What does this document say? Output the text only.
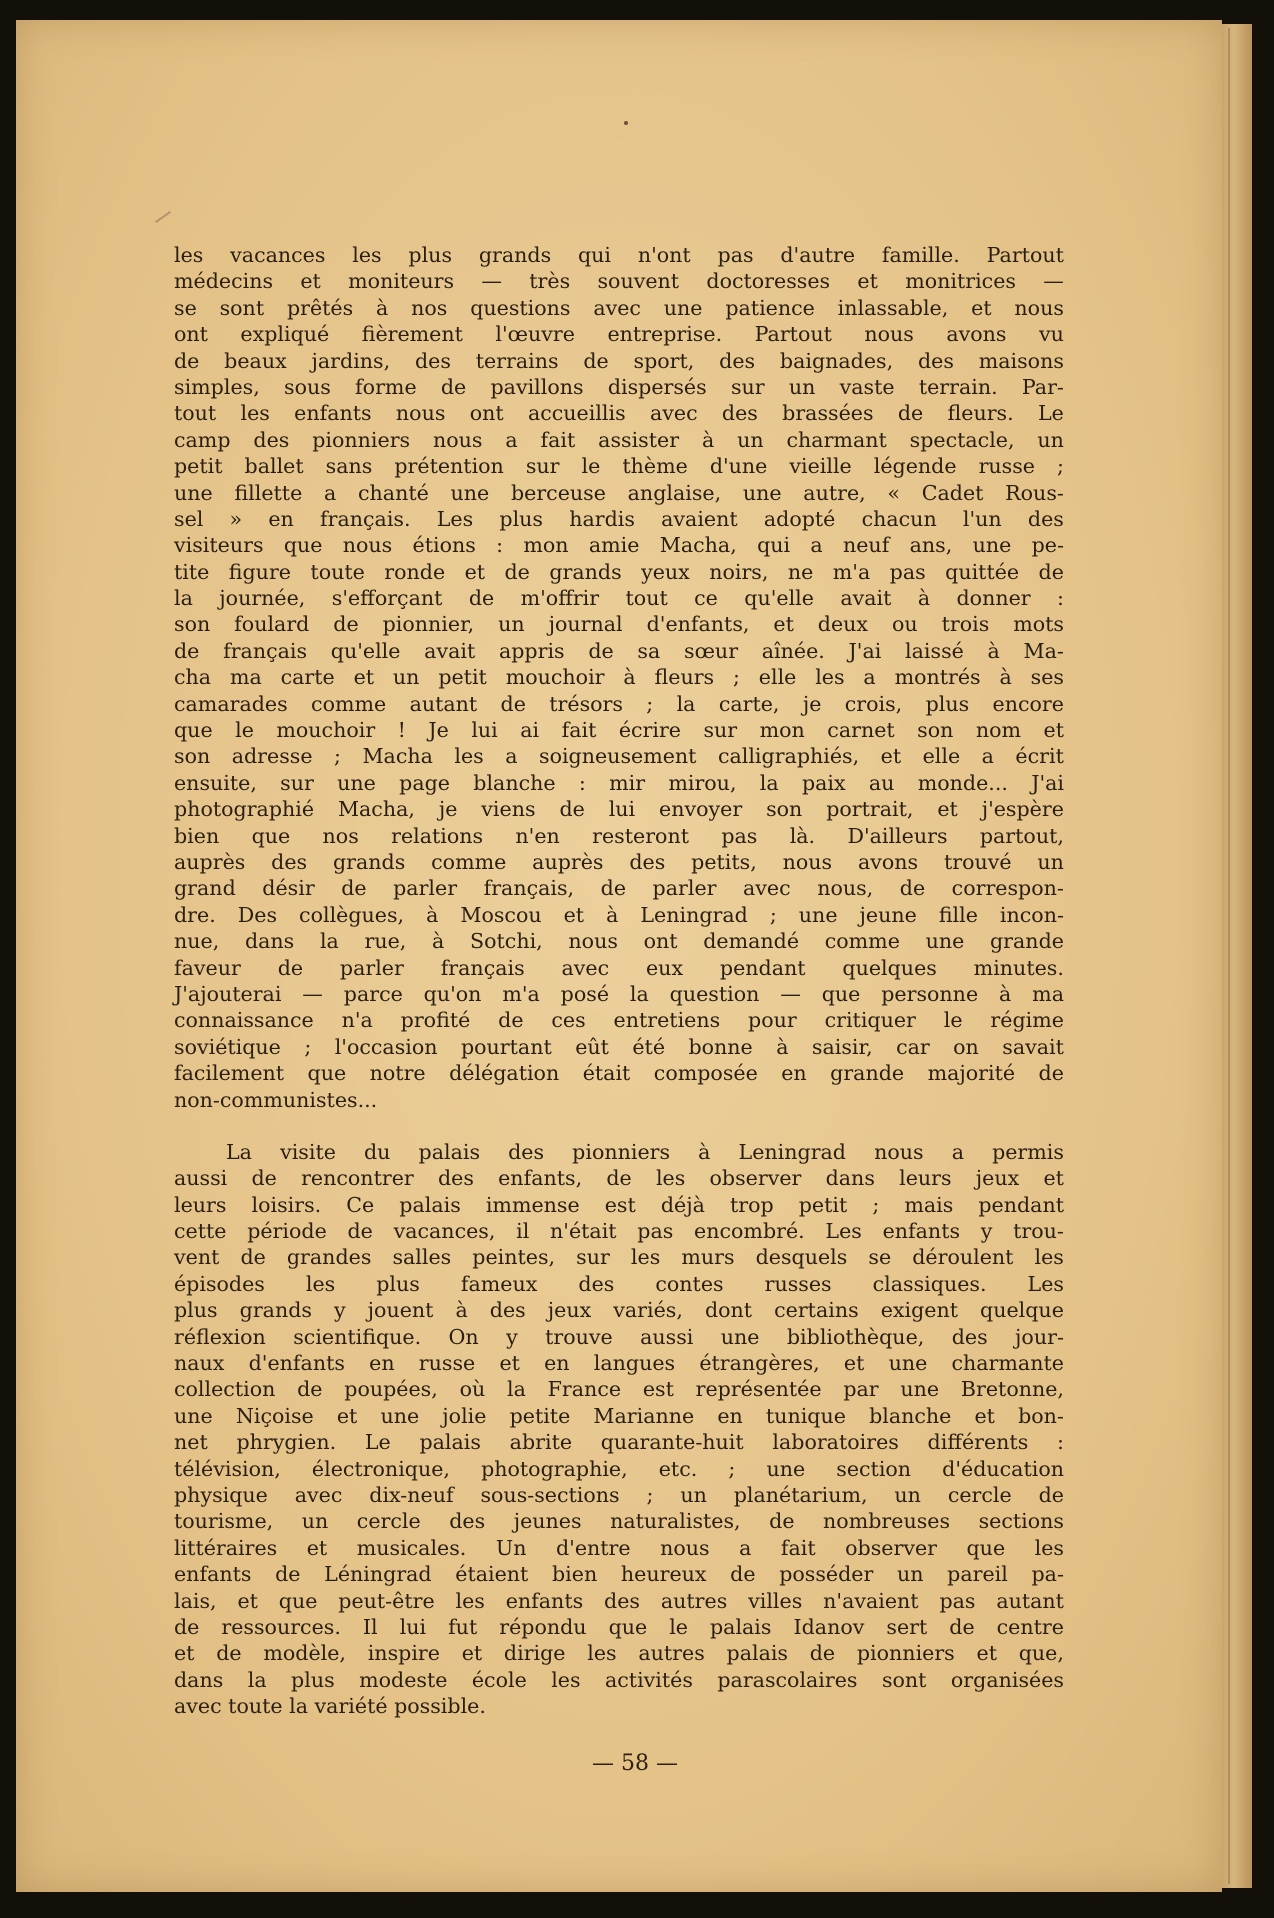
les vacances les plus grands qui n'ont pas d'autre famille. Partout
médecins et moniteurs — très souvent doctoresses et monitrices —
se sont prêtés à nos questions avec une patience inlassable, et nous
ont expliqué fièrement l'œuvre entreprise. Partout nous avons vu
de beaux jardins, des terrains de sport, des baignades, des maisons
simples, sous forme de pavillons dispersés sur un vaste terrain. Par-
tout les enfants nous ont accueillis avec des brassées de fleurs. Le
camp des pionniers nous a fait assister à un charmant spectacle, un
petit ballet sans prétention sur le thème d'une vieille légende russe ;
une fillette a chanté une berceuse anglaise, une autre, « Cadet Rous-
sel » en français. Les plus hardis avaient adopté chacun l'un des
visiteurs que nous étions : mon amie Macha, qui a neuf ans, une pe-
tite figure toute ronde et de grands yeux noirs, ne m'a pas quittée de
la journée, s'efforçant de m'offrir tout ce qu'elle avait à donner :
son foulard de pionnier, un journal d'enfants, et deux ou trois mots
de français qu'elle avait appris de sa sœur aînée. J'ai laissé à Ma-
cha ma carte et un petit mouchoir à fleurs ; elle les a montrés à ses
camarades comme autant de trésors ; la carte, je crois, plus encore
que le mouchoir ! Je lui ai fait écrire sur mon carnet son nom et
son adresse ; Macha les a soigneusement calligraphiés, et elle a écrit
ensuite, sur une page blanche : mir mirou, la paix au monde... J'ai
photographié Macha, je viens de lui envoyer son portrait, et j'espère
bien que nos relations n'en resteront pas là. D'ailleurs partout,
auprès des grands comme auprès des petits, nous avons trouvé un
grand désir de parler français, de parler avec nous, de correspon-
dre. Des collègues, à Moscou et à Leningrad ; une jeune fille incon-
nue, dans la rue, à Sotchi, nous ont demandé comme une grande
faveur de parler français avec eux pendant quelques minutes.
J'ajouterai — parce qu'on m'a posé la question — que personne à ma
connaissance n'a profité de ces entretiens pour critiquer le régime
soviétique ; l'occasion pourtant eût été bonne à saisir, car on savait
facilement que notre délégation était composée en grande majorité de
non-communistes...
La visite du palais des pionniers à Leningrad nous a permis
aussi de rencontrer des enfants, de les observer dans leurs jeux et
leurs loisirs. Ce palais immense est déjà trop petit ; mais pendant
cette période de vacances, il n'était pas encombré. Les enfants y trou-
vent de grandes salles peintes, sur les murs desquels se déroulent les
épisodes les plus fameux des contes russes classiques. Les
plus grands y jouent à des jeux variés, dont certains exigent quelque
réflexion scientifique. On y trouve aussi une bibliothèque, des jour-
naux d'enfants en russe et en langues étrangères, et une charmante
collection de poupées, où la France est représentée par une Bretonne,
une Niçoise et une jolie petite Marianne en tunique blanche et bon-
net phrygien. Le palais abrite quarante-huit laboratoires différents :
télévision, électronique, photographie, etc. ; une section d'éducation
physique avec dix-neuf sous-sections ; un planétarium, un cercle de
tourisme, un cercle des jeunes naturalistes, de nombreuses sections
littéraires et musicales. Un d'entre nous a fait observer que les
enfants de Léningrad étaient bien heureux de posséder un pareil pa-
lais, et que peut-être les enfants des autres villes n'avaient pas autant
de ressources. Il lui fut répondu que le palais Idanov sert de centre
et de modèle, inspire et dirige les autres palais de pionniers et que,
dans la plus modeste école les activités parascolaires sont organisées
avec toute la variété possible.
— 58 —
